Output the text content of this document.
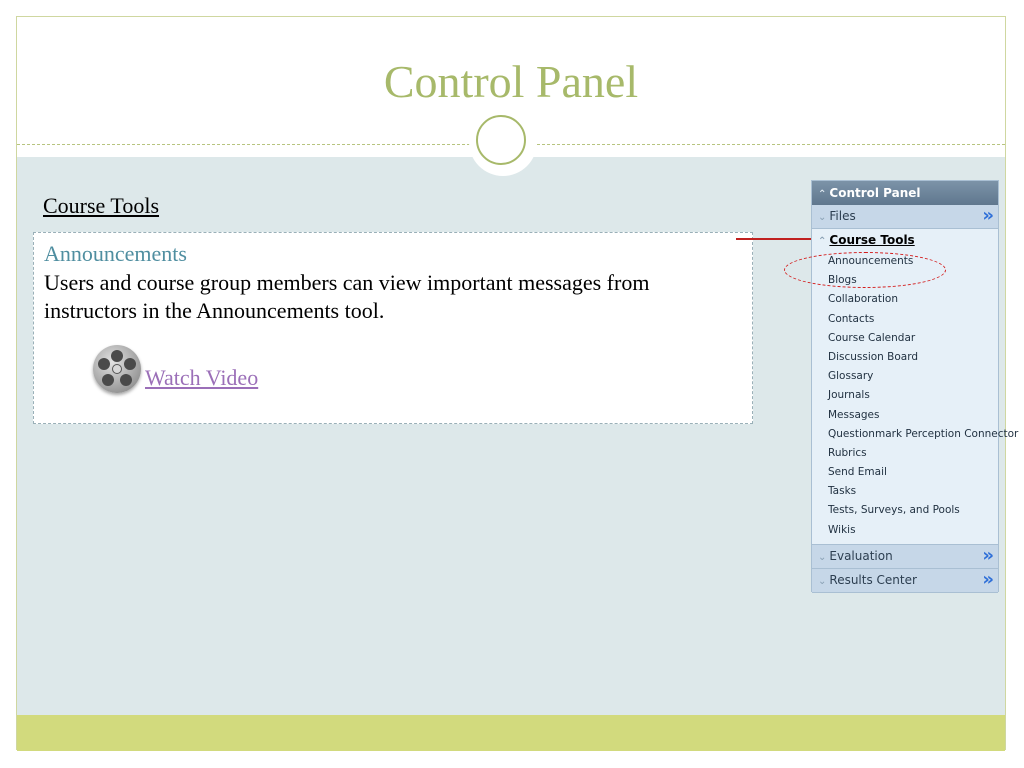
Control Panel
Course Tools
Announcements
Users and course group members can view important messages from instructors in the Announcements tool.
Watch Video
⌃ Control Panel
⌄ Files	»
⌃ Course Tools
Announcements
Blogs
Collaboration
Contacts
Course Calendar
Discussion Board
Glossary
Journals
Messages
Questionmark Perception Connector
Rubrics
Send Email
Tasks
Tests, Surveys, and Pools
Wikis
⌄ Evaluation	»
⌄ Results Center	»
